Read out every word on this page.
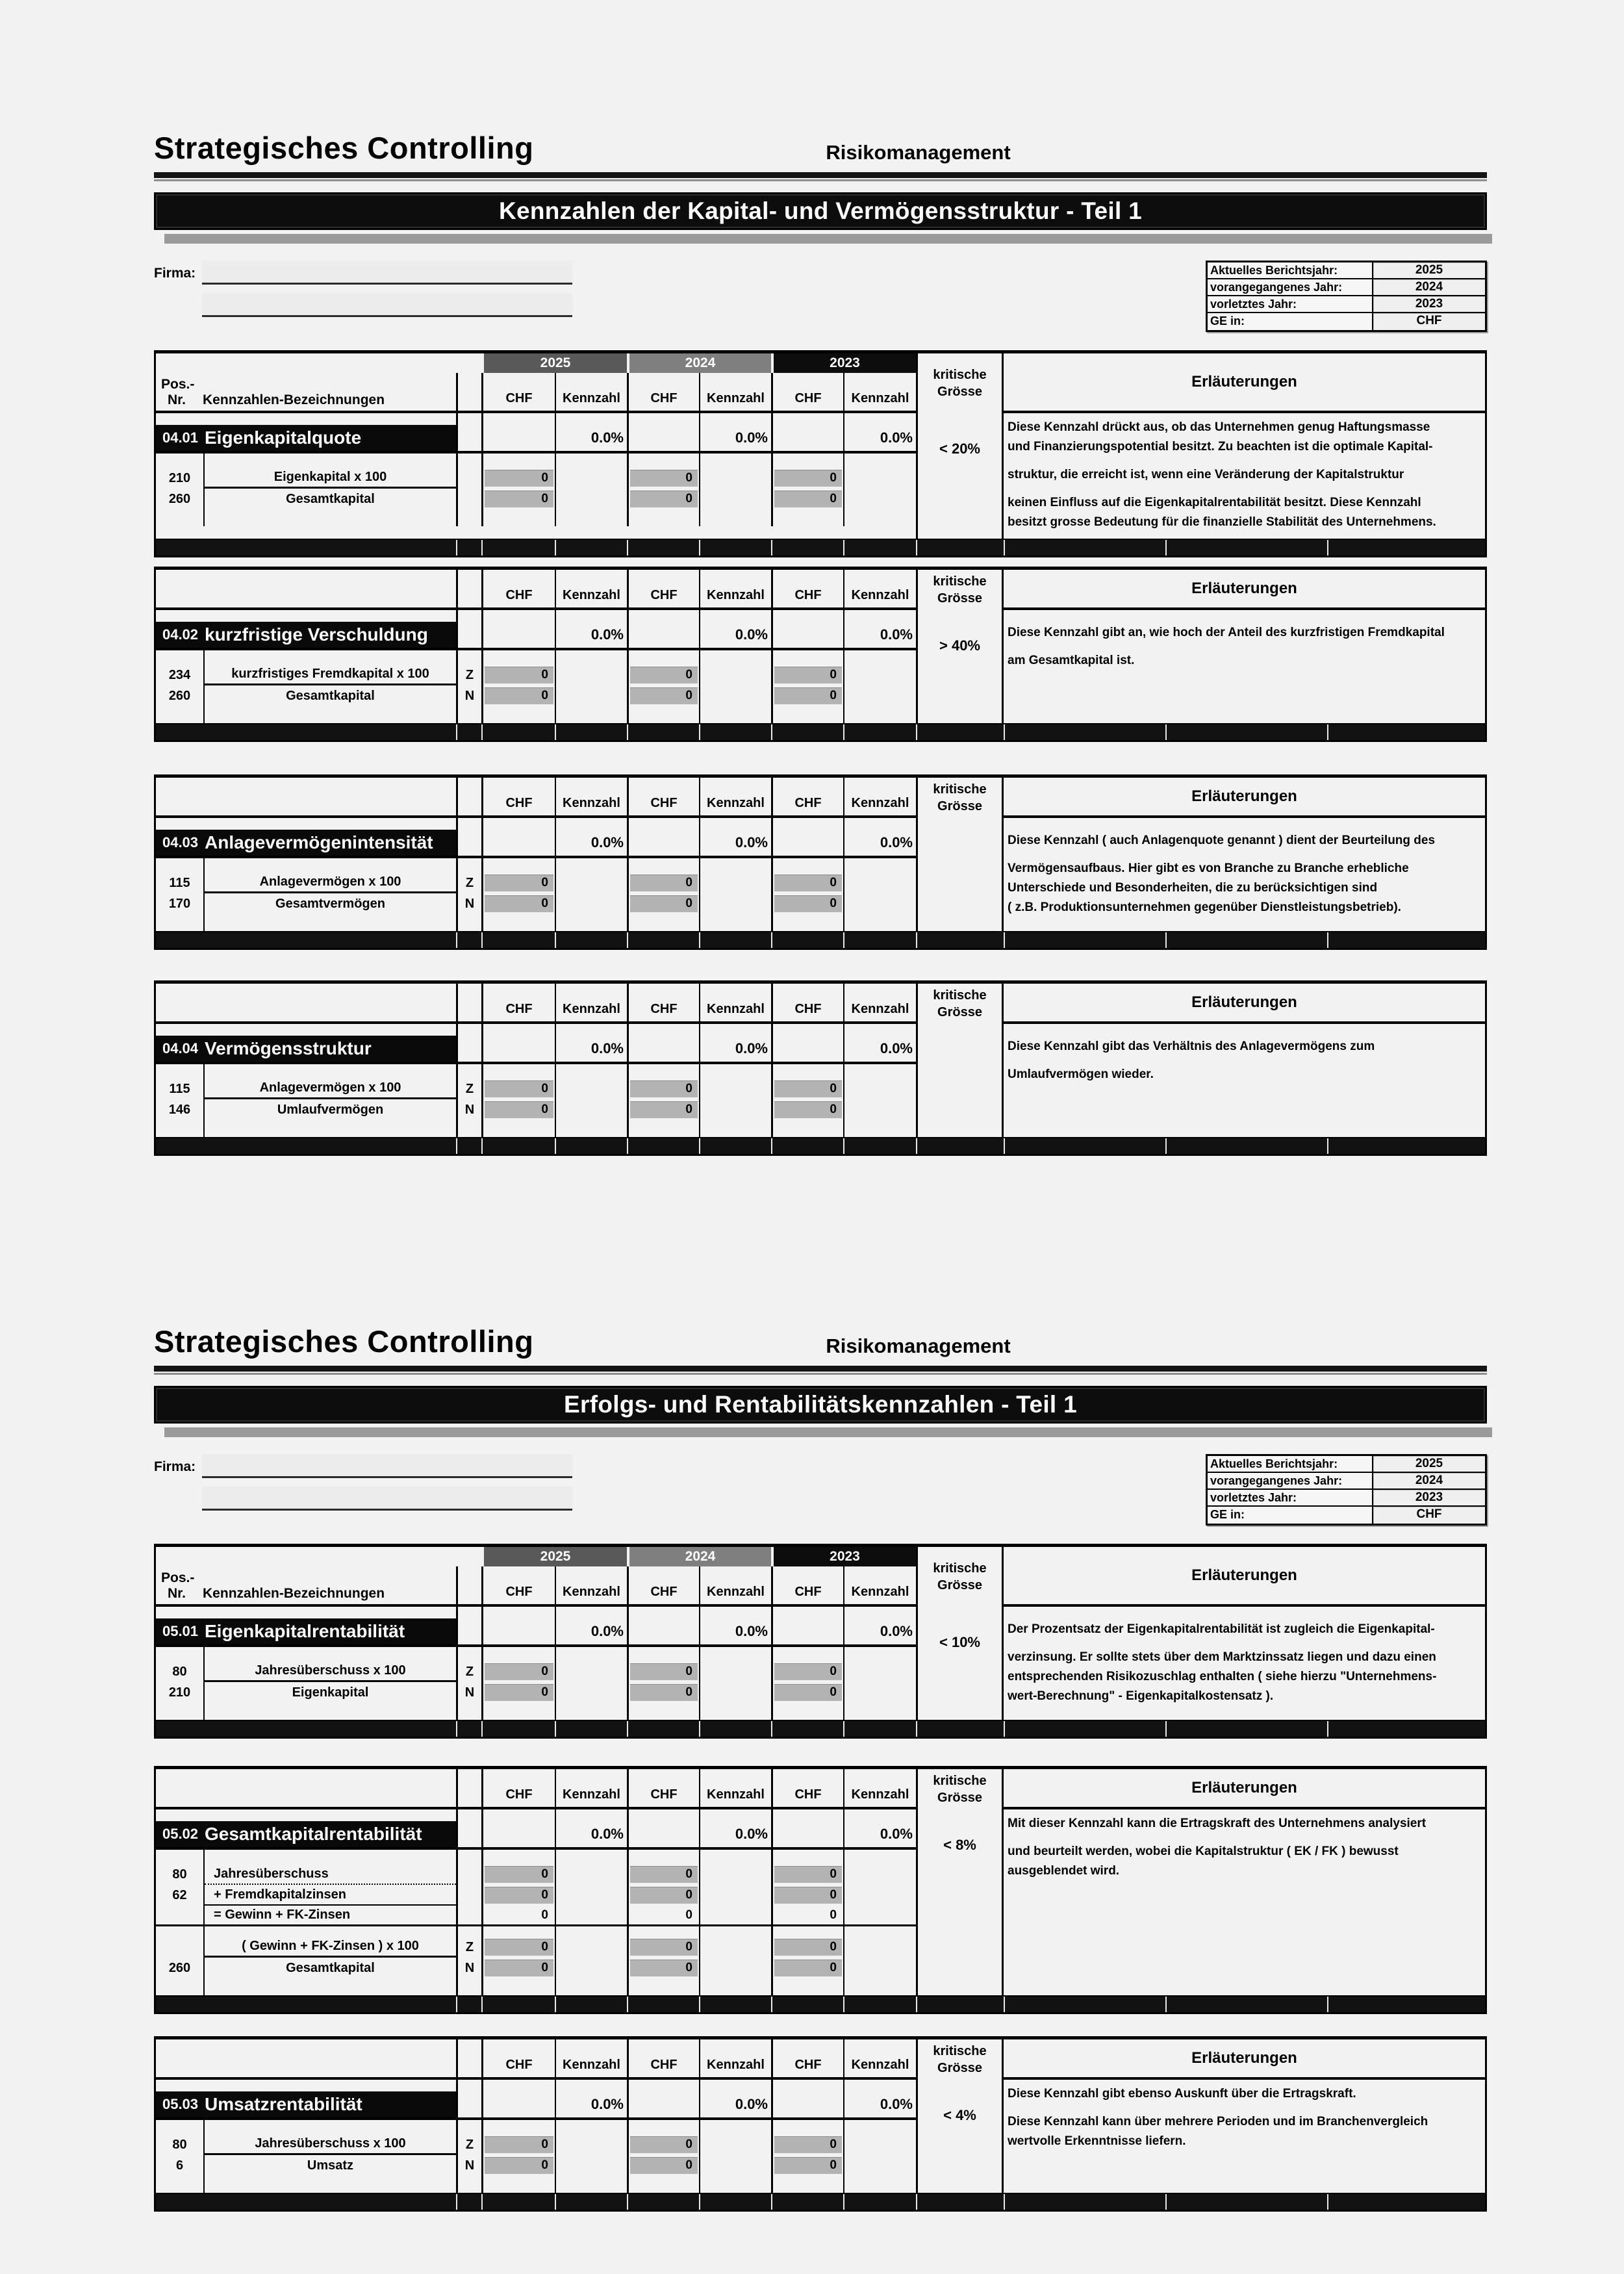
Strategisches Controlling	Risikomanagement
Kennzahlen der Kapital- und Vermögensstruktur - Teil 1
Firma:	Aktuelles Berichtsjahr:	2025
vorangegangenes Jahr:	2024
vorletztes Jahr:	2023
GE in:	CHF
2025	2024	2023
Pos.-
Nr. Kennzahlen-Bezeichnungen	CHF	Kennzahl	CHF	Kennzahl	CHF	Kennzahl
04.01 Eigenkapitalquote	0.0%	0.0%	0.0%
210	Eigenkapital x 100	0	0	0
260	Gesamtkapital	0	0	0
kritische
Grösse
< 20%
Erläuterungen

Diese Kennzahl drückt aus, ob das Unternehmen genug Haftungsmasse

und Finanzierungspotential besitzt. Zu beachten ist die optimale Kapital-

struktur, die erreicht ist, wenn eine Veränderung der Kapitalstruktur

keinen Einfluss auf die Eigenkapitalrentabilität besitzt. Diese Kennzahl

besitzt grosse Bedeutung für die finanzielle Stabilität des Unternehmens.

CHF	Kennzahl	CHF	Kennzahl	CHF	Kennzahl
04.02 kurzfristige Verschuldung	0.0%	0.0%	0.0%
234	kurzfristiges Fremdkapital x 100	Z	0	0	0
260	Gesamtkapital	N	0	0	0
kritische
Grösse
> 40%
Erläuterungen

Diese Kennzahl gibt an, wie hoch der Anteil des kurzfristigen Fremdkapital

am Gesamtkapital ist.

CHF	Kennzahl	CHF	Kennzahl	CHF	Kennzahl
04.03 Anlagevermögenintensität	0.0%	0.0%	0.0%
115	Anlagevermögen x 100	Z	0	0	0
170	Gesamtvermögen	N	0	0	0
kritische
Grösse
Erläuterungen

Diese Kennzahl ( auch Anlagenquote genannt ) dient der Beurteilung des

Vermögensaufbaus. Hier gibt es von Branche zu Branche erhebliche

Unterschiede und Besonderheiten, die zu berücksichtigen sind

( z.B. Produktionsunternehmen gegenüber Dienstleistungsbetrieb).

CHF	Kennzahl	CHF	Kennzahl	CHF	Kennzahl
04.04 Vermögensstruktur	0.0%	0.0%	0.0%
115	Anlagevermögen x 100	Z	0	0	0
146	Umlaufvermögen	N	0	0	0
kritische
Grösse
Erläuterungen

Diese Kennzahl gibt das Verhältnis des Anlagevermögens zum

Umlaufvermögen wieder.

Strategisches Controlling	Risikomanagement
Erfolgs- und Rentabilitätskennzahlen - Teil 1
Firma:	Aktuelles Berichtsjahr:	2025
vorangegangenes Jahr:	2024
vorletztes Jahr:	2023
GE in:	CHF
2025	2024	2023
Pos.-
Nr. Kennzahlen-Bezeichnungen	CHF	Kennzahl	CHF	Kennzahl	CHF	Kennzahl
05.01 Eigenkapitalrentabilität	0.0%	0.0%	0.0%
80	Jahresüberschuss x 100	Z	0	0	0
210	Eigenkapital	N	0	0	0
kritische
Grösse
< 10%
Erläuterungen

Der Prozentsatz der Eigenkapitalrentabilität ist zugleich die Eigenkapital-

verzinsung. Er sollte stets über dem Marktzinssatz liegen und dazu einen

entsprechenden Risikozuschlag enthalten ( siehe hierzu "Unternehmens-

wert-Berechnung" - Eigenkapitalkostensatz ).

CHF	Kennzahl	CHF	Kennzahl	CHF	Kennzahl
05.02 Gesamtkapitalrentabilität	0.0%	0.0%	0.0%
80	Jahresüberschuss	0	0	0
62	+ Fremdkapitalzinsen	0	0	0
= Gewinn + FK-Zinsen	0	0	0
( Gewinn + FK-Zinsen ) x 100	Z	0	0	0
260	Gesamtkapital	N	0	0	0
kritische
Grösse
< 8%
Erläuterungen

Mit dieser Kennzahl kann die Ertragskraft des Unternehmens analysiert

und beurteilt werden, wobei die Kapitalstruktur ( EK / FK ) bewusst

ausgeblendet wird.

CHF	Kennzahl	CHF	Kennzahl	CHF	Kennzahl
05.03 Umsatzrentabilität	0.0%	0.0%	0.0%
80	Jahresüberschuss x 100	Z	0	0	0
6	Umsatz	N	0	0	0
kritische
Grösse
< 4%
Erläuterungen

Diese Kennzahl gibt ebenso Auskunft über die Ertragskraft.

Diese Kennzahl kann über mehrere Perioden und im Branchenvergleich

wertvolle Erkenntnisse liefern.
